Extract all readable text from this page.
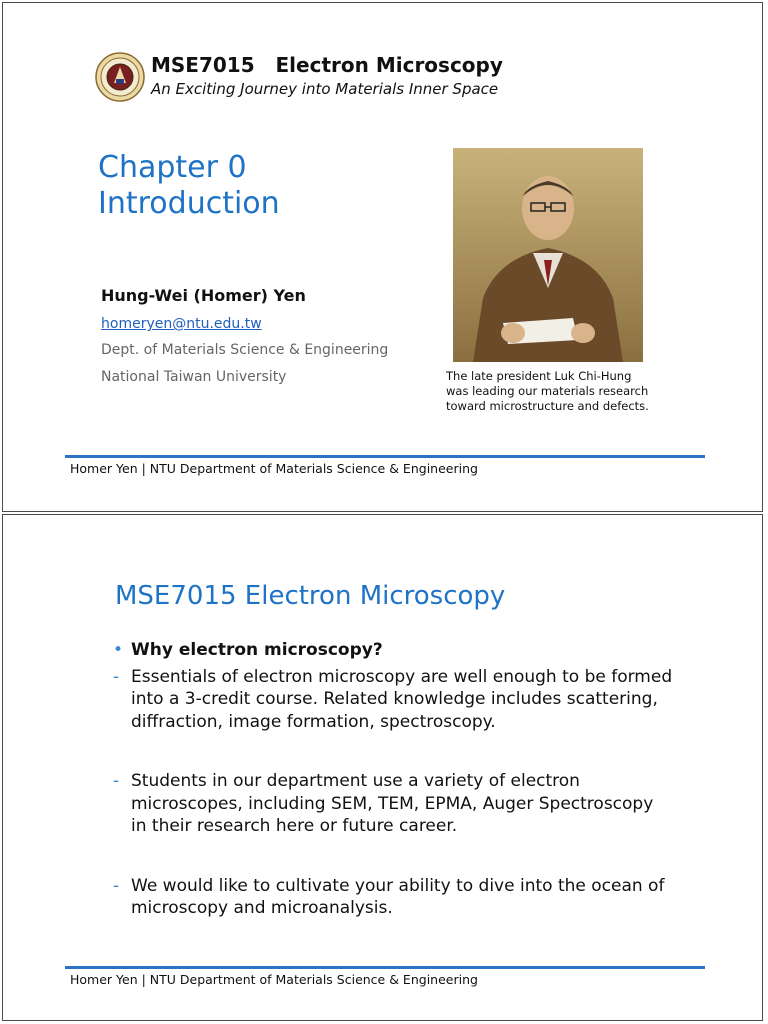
MSE7015   Electron Microscopy
An Exciting Journey into Materials Inner Space
Chapter 0
Introduction
Hung-Wei (Homer) Yen
homeryen@ntu.edu.tw
Dept. of Materials Science & Engineering
National Taiwan University	The late president Luk Chi-Hung
was leading our materials research
toward microstructure and defects.
Homer Yen | NTU Department of Materials Science & Engineering
MSE7015 Electron Microscopy
• Why electron microscopy?
- Essentials of electron microscopy are well enough to be formed into a 3-credit course. Related knowledge includes scattering, diffraction, image formation, spectroscopy.
- Students in our department use a variety of electron microscopes, including SEM, TEM, EPMA, Auger Spectroscopy in their research here or future career.
- We would like to cultivate your ability to dive into the ocean of microscopy and microanalysis.
Homer Yen | NTU Department of Materials Science & Engineering
